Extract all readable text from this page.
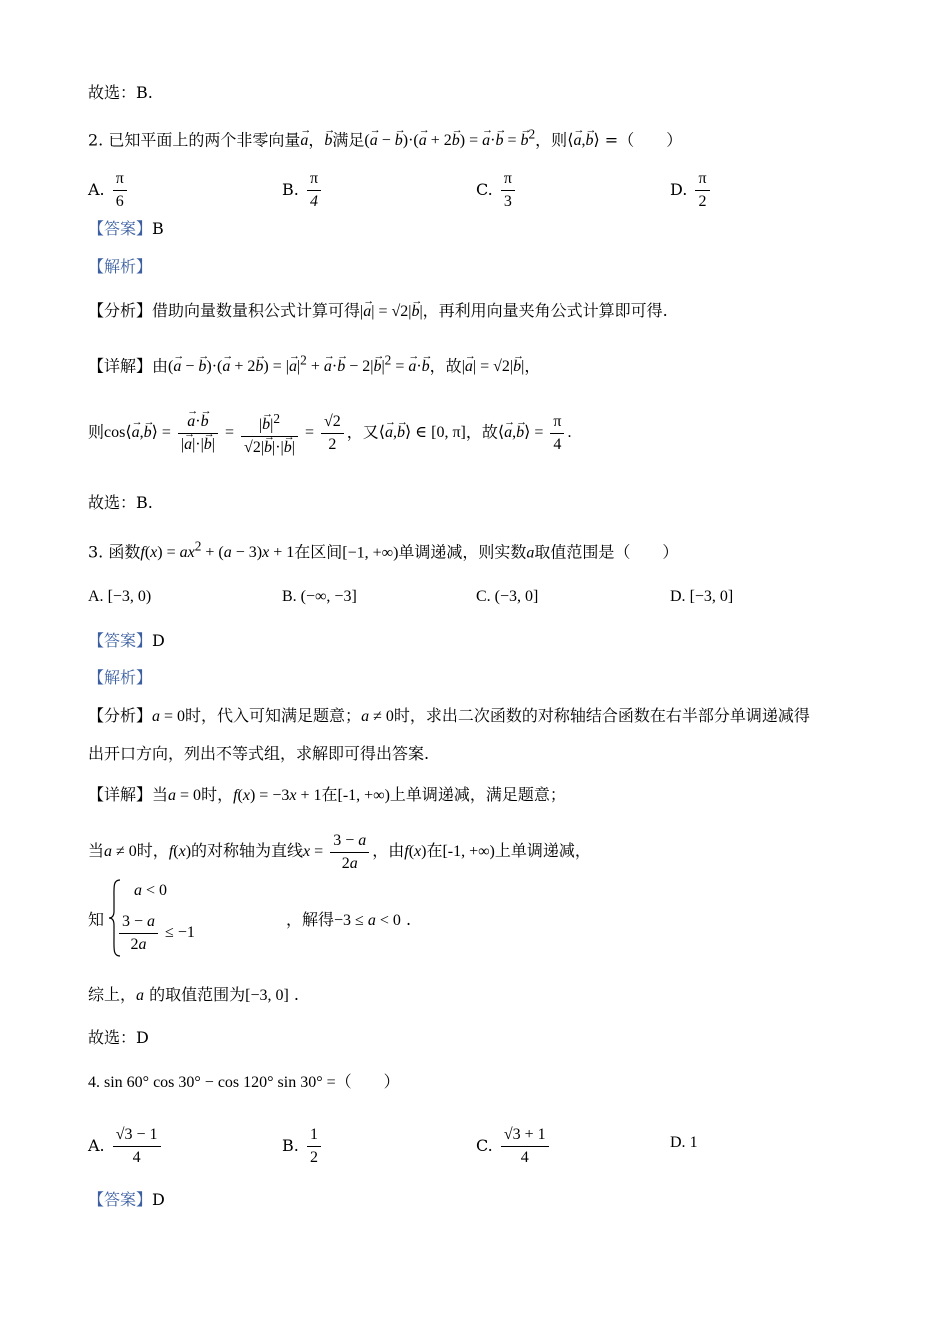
故选：B.
2. 已知平面上的两个非零向量→ a，→ b满足(→ a − → b)·(→ a + 2→ b) = → a·→ b = → $b^2$，则⟨→ a,→ b⟩ =（　　）
A. $\frac{\pi}{6}$	B. $\frac{\pi}{4}$	C. $\frac{\pi}{3}$	D. $\frac{\pi}{2}$
【答案】B
【解析】
【分析】借助向量数量积公式计算可得|→ a| = √2|→ b|，再利用向量夹角公式计算即可得.
【详解】由(→ a − → b)·(→ a + 2→ b) = |→ $a|^2$ + → $a\cdot\to b - 2|\to b|^2$ = → a·→ b，故|→ a| = √2|→ b|，
则cos⟨→ a,→ b⟩ =
→ $\frac{a\cdot\to b}{|\to a|\cdot|\to b|} = \frac{|\to b|^2}{√2|\to b|\cdot|\to b|} = \frac{√2}{2}$ ，又⟨→ a,→ b⟩ ∈ [0, π]，故⟨→ a,→ b⟩ = $\frac{\pi}{4}$ .
故选：B.
3. 函数$f(x) = ax^2 + (a - 3)x + 1$在区间[−1, +∞)单调递减，则实数a取值范围是（　　）
A. [−3, 0)	B. (−∞, −3]	C. (−3, 0]	D. [−3, 0]
【答案】D
【解析】
【分析】a = 0时，代入可知满足题意；a ≠ 0时，求出二次函数的对称轴结合函数在右半部分单调递减得
出开口方向，列出不等式组，求解即可得出答案.
【详解】当a = 0时，f(x) = −3x + 1在[-1, +∞)上单调递减，满足题意；
当a ≠ 0时，f(x)的对称轴为直线$x = \frac{3 - a}{2a}$ ，由f(x)在[-1, +∞)上单调递减，
知
a < 0
$\frac{3 - a}{2a} \le -1$
，解得−3 ≤ a < 0 .
综上，a 的取值范围为[−3, 0] .
故选：D
4. sin 60° cos 30° − cos 120° sin 30° =（　　）
A. $\frac{√3 - 1}{4}$	B. $\frac{1}{2}$	C. $\frac{√3 + 1}{4}$	D. 1
【答案】D
